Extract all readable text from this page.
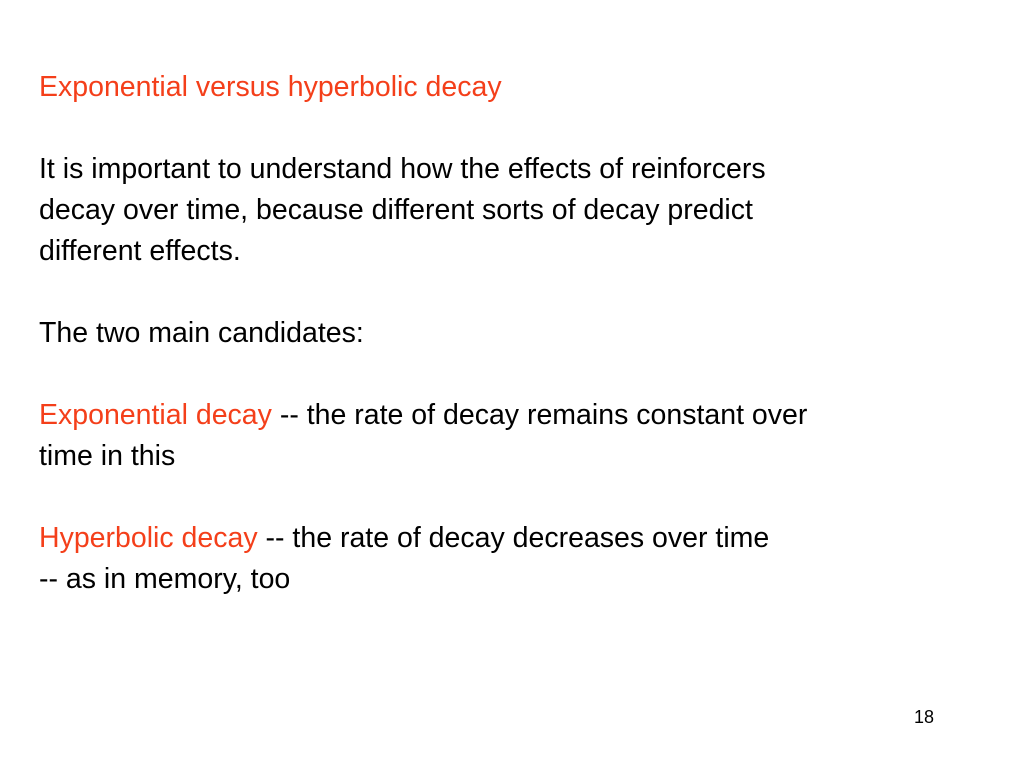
Exponential versus hyperbolic decay

It is important to understand how the effects of reinforcers

decay over time, because different sorts of decay predict

different effects.

The two main candidates:

Exponential decay -- the rate of decay remains constant over

time in this

Hyperbolic decay -- the rate of decay decreases over time

-- as in memory, too

18
